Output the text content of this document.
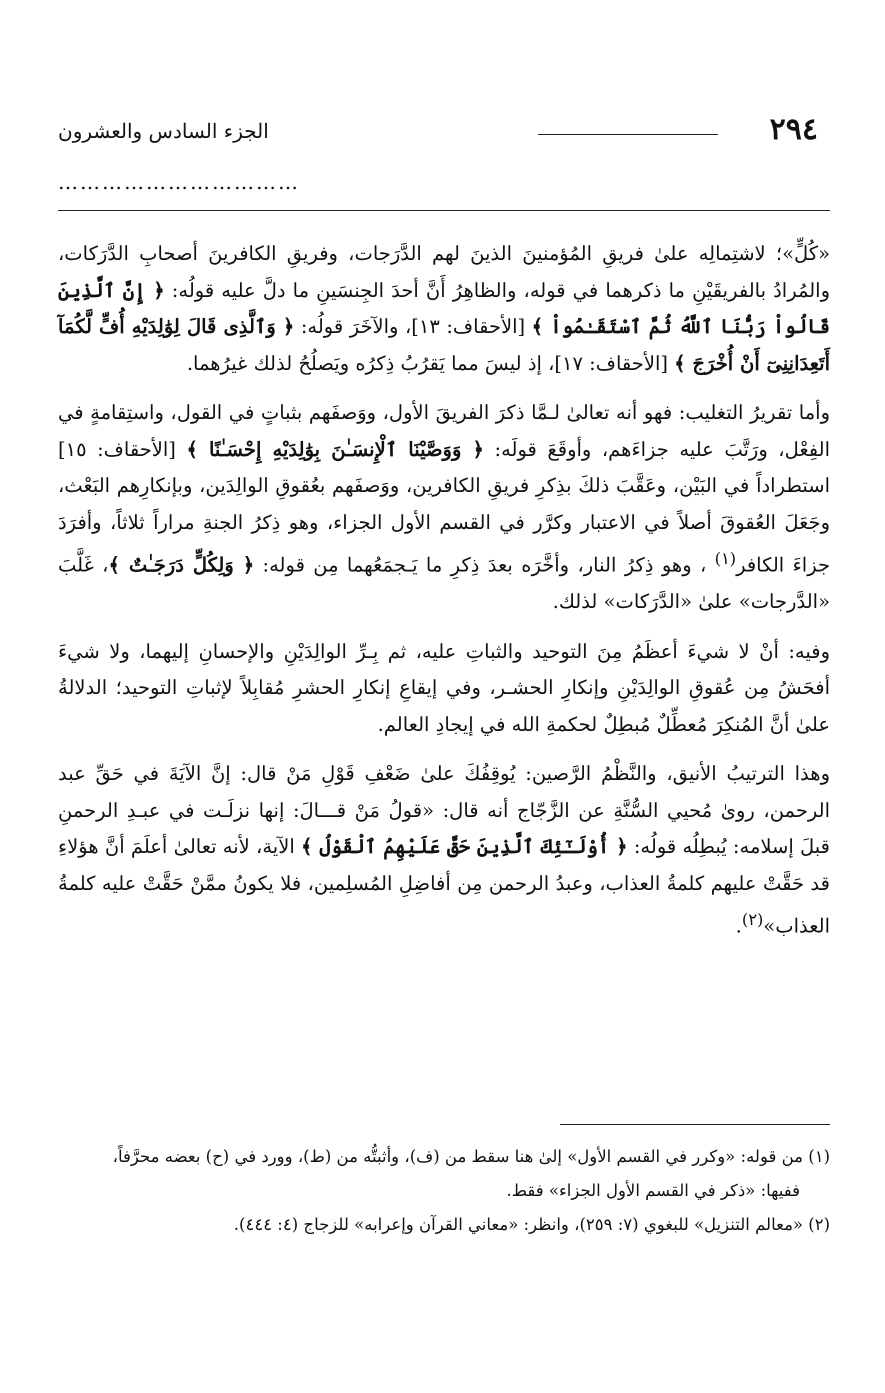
٢٩٤
الجزء السادس والعشرون
……………………………

«كُلٍّ»؛ لاشتِمالِه علىٰ فريقِ المُؤمنينَ الذينَ لهم الدَّرَجات، وفريقِ الكافرينَ أصحابِ الدَّرَكات، والمُرادُ بالفريقَيْنِ ما ذكرهما في قوله، والظاهِرُ أَنَّ أحدَ الجِنسَينِ ما دلَّ عليه قولُه: ﴿ إِنَّ ٱلَّذِينَ قَالُواْ رَبُّنَا ٱللَّهُ ثُمَّ ٱسْتَقَـٰمُواْ ﴾ [الأحقاف: ١٣]، والآخَرَ قولُه: ﴿ وَٱلَّذِى قَالَ لِوَٰلِدَيْهِ أُفٍّ لَّكُمَآ أَتَعِدَانِنِىٓ أَنْ أُخْرَجَ ﴾ [الأحقاف: ١٧]، إذ ليسَ مما يَقرُبُ ذِكرُه ويَصلُحُ لذلك غيرُهما.

وأما تقريرُ التغليب: فهو أنه تعالىٰ لـمَّا ذكرَ الفريقَ الأول، ووَصفَهم بثباتٍ في القول، واستِقامةٍ في الفِعْل، ورَتَّبَ عليه جزاءَهم، وأوقَعَ قولَه: ﴿ وَوَصَّيْنَا ٱلْإِنسَـٰنَ بِوَٰلِدَيْهِ إِحْسَـٰنًا ﴾ [الأحقاف: ١٥] استطراداً في البَيْن، وعَقَّبَ ذلكَ بذِكرِ فريقِ الكافرين، ووَصفَهم بعُقوقِ الوالِدَين، وبإنكارِهم البَعْث، وجَعَلَ العُقوقَ أصلاً في الاعتبار وكرَّر في القسم الأول الجزاء، وهو ذِكرُ الجنةِ مراراً ثلاثاً، وأفرَدَ جزاءَ الكافر$^{(١)}$ ، وهو ذِكرُ النار، وأخَّرَه بعدَ ذِكرِ ما يَـجمَعُهما مِن قوله: ﴿ وَلِكُلٍّ دَرَجَـٰتٌ ﴾، غَلَّبَ «الدَّرجات» علىٰ «الدَّرَكات» لذلك.

وفيه: أنْ لا شيءَ أعظَمُ مِنَ التوحيد والثباتِ عليه، ثم بِـرِّ الوالِدَيْنِ والإحسانِ إليهما، ولا شيءَ أفحَشُ مِن عُقوقِ الوالِدَيْنِ وإنكارِ الحشـر، وفي إيقاعِ إنكارِ الحشرِ مُقابِلاً لإثباتِ التوحيد؛ الدلالةُ علىٰ أنَّ المُنكِرَ مُعطِّلٌ مُبطِلٌ لحكمةِ الله في إيجادِ العالم.

وهذا الترتيبُ الأنيق، والنَّظْمُ الرَّصين: يُوقِفُكَ علىٰ ضَعْفِ قَوْلِ مَنْ قال: إنَّ الآيَةَ في حَقِّ عبد الرحمن، روىٰ مُحيي السُّنَّةِ عن الزَّجّاج أنه قال: «قولُ مَنْ قـــالَ: إنها نزلَـت في عبـدِ الرحمنِ قبلَ إسلامه: يُبطِلُه قولُه: ﴿ أُوْلَـٰٓئِكَ ٱلَّذِينَ حَقَّ عَلَيْهِمُ ٱلْقَوْلُ ﴾ الآية، لأنه تعالىٰ أعلَمَ أنَّ هؤلاءِ قد حَقَّتْ عليهم كلمةُ العذاب، وعبدُ الرحمن مِن أفاضِلِ المُسلِمين، فلا يكونُ ممَّنْ حَقَّتْ عليه كلمةُ العذاب»$^{(٢)}$.

(١) من قوله: «وكرر في القسم الأول» إلىٰ هنا سقط من (ف)، وأثبتُّه من (ط)، وورد في (ح) بعضه محرَّفاً،

ففيها: «ذكر في القسم الأول الجزاء» فقط.

(٢) «معالم التنزيل» للبغوي (٧: ٢٥٩)، وانظر: «معاني القرآن وإعرابه» للزجاج (٤: ٤٤٤).
